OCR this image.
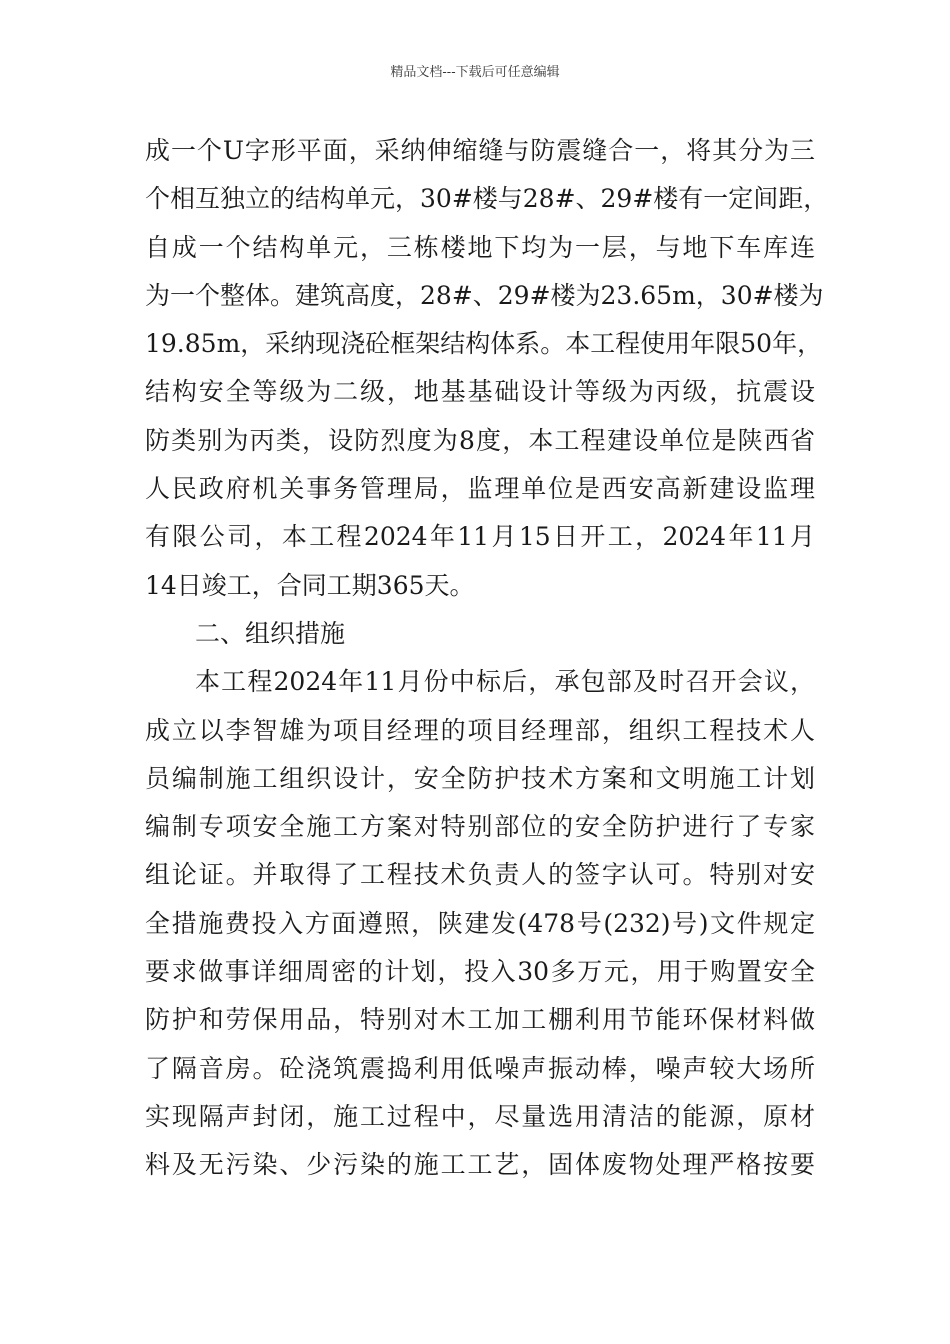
精品文档---下载后可任意编辑
成一个U字形平面，采纳伸缩缝与防震缝合一，将其分为三
个相互独立的结构单元，30#楼与28#、29#楼有一定间距，
自成一个结构单元，三栋楼地下均为一层，与地下车库连
为一个整体。建筑高度，28#、29#楼为23.65m，30#楼为
19.85m，采纳现浇砼框架结构体系。本工程使用年限50年，
结构安全等级为二级，地基基础设计等级为丙级，抗震设
防类别为丙类，设防烈度为8度，本工程建设单位是陕西省
人民政府机关事务管理局，监理单位是西安高新建设监理
有限公司，本工程2024年11月15日开工，2024年11月
14日竣工，合同工期365天。
二、组织措施
本工程2024年11月份中标后，承包部及时召开会议，
成立以李智雄为项目经理的项目经理部，组织工程技术人
员编制施工组织设计，安全防护技术方案和文明施工计划
编制专项安全施工方案对特别部位的安全防护进行了专家
组论证。并取得了工程技术负责人的签字认可。特别对安
全措施费投入方面遵照，陕建发(478号(232)号)文件规定
要求做事详细周密的计划，投入30多万元，用于购置安全
防护和劳保用品，特别对木工加工棚利用节能环保材料做
了隔音房。砼浇筑震捣利用低噪声振动棒，噪声较大场所
实现隔声封闭，施工过程中，尽量选用清洁的能源，原材
料及无污染、少污染的施工工艺，固体废物处理严格按要
